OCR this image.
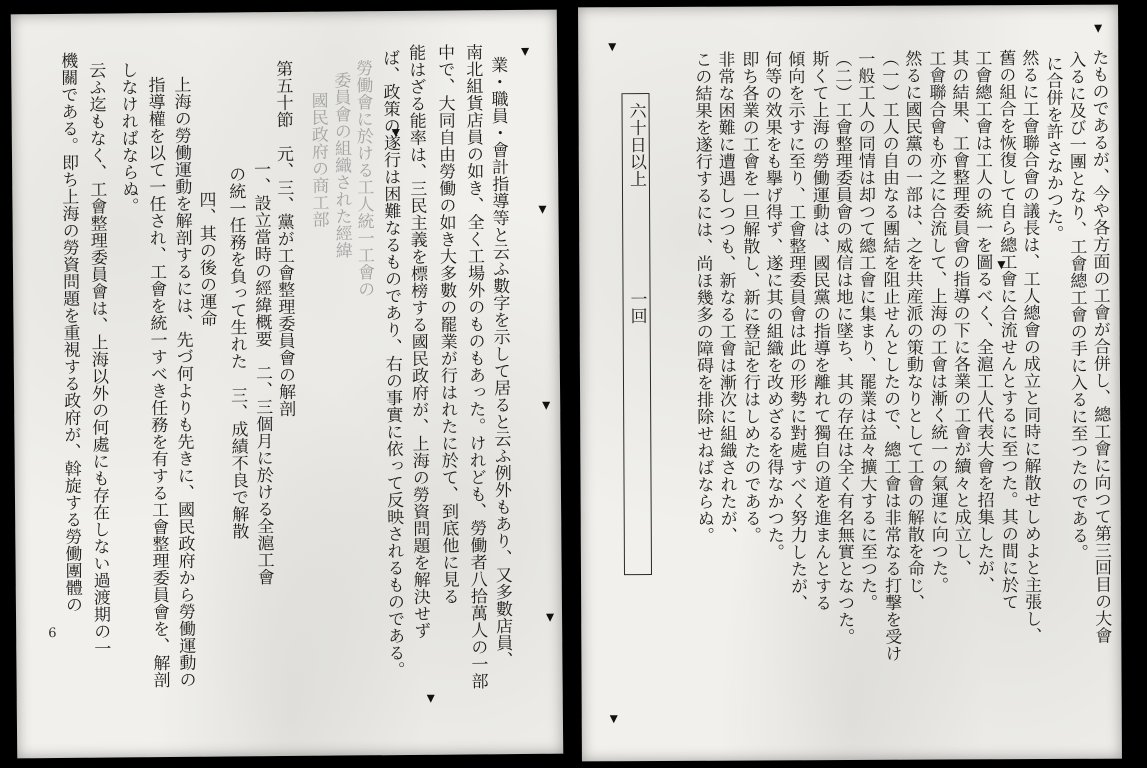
業・職員・會計指導等と云ふ數字を示して居ると云ふ例外もあり、又多數店員、
南北組貨店員の如き、全く工場外のものもあった。けれども、勞働者八拾萬人の一部
中で、大同自由勞働の如き大多數の罷業が行はれたに於て、到底他に見る
能はざる能率は、三民主義を標榜する國民政府が、上海の勞資問題を解決せず
ば、政策の遂行は困難なるものであり、右の事實に依って反映されるものである。
勞働會に於ける工人統一工會の
委員會の組織された經緯
國民政府の商工部
第五十節　元、三、黨が工會整理委員會の解剖
一、設立當時の經緯概要　二、三個月に於ける全滬工會
の統一任務を負って生れた　三、成績不良で解散
四、其の後の運命
上海の勞働運動を解剖するには、先づ何よりも先きに、國民政府から勞働運動の
指導權を以て一任され、工會を統一すべき任務を有する工會整理委員會を、解剖
しなければならぬ。
云ふ迄もなく、工會整理委員會は、上海以外の何處にも存在しない過渡期の一
機關である。即ち上海の勞資問題を重視する政府が、斡旋する勞働團體の
6
六十日以上
一回	たものであるが、今や各方面の工會が合併し、總工會に向つて第三回目の大會
入るに及び一團となり、工會總工會の手に入るに至つたのである。
に合併を許さなかつた。
然るに工會聯合會の議長は、工人總會の成立と同時に解散せしめよと主張し、
舊の組合を恢復して自ら總工會に合流せんとするに至つた。其の間に於て
工會總工會は工人の統一を圖るべく、全滬工人代表大會を招集したが、
其の結果、工會整理委員會の指導の下に各業の工會が續々と成立し、
工會聯合會も亦之に合流して、上海の工會は漸く統一の氣運に向つた。
然るに國民黨の一部は、之を共産派の策動なりとして工會の解散を命じ、
（一）工人の自由なる團結を阻止せんとしたので、總工會は非常なる打撃を受け
一般工人の同情は却つて總工會に集まり、罷業は益々擴大するに至つた。
（二）工會整理委員會の威信は地に墜ち、其の存在は全く有名無實となつた。
斯くて上海の勞働運動は、國民黨の指導を離れて獨自の道を進まんとする
傾向を示すに至り、工會整理委員會は此の形勢に對處すべく努力したが、
何等の效果をも擧げ得ず、遂に其の組織を改めざるを得なかつた。
即ち各業の工會を一旦解散し、新に登記を行はしめたのである。
非常な困難に遭遇しつつも、新なる工會は漸次に組織されたが、
この結果を遂行するには、尚ほ幾多の障碍を排除せねばならぬ。
